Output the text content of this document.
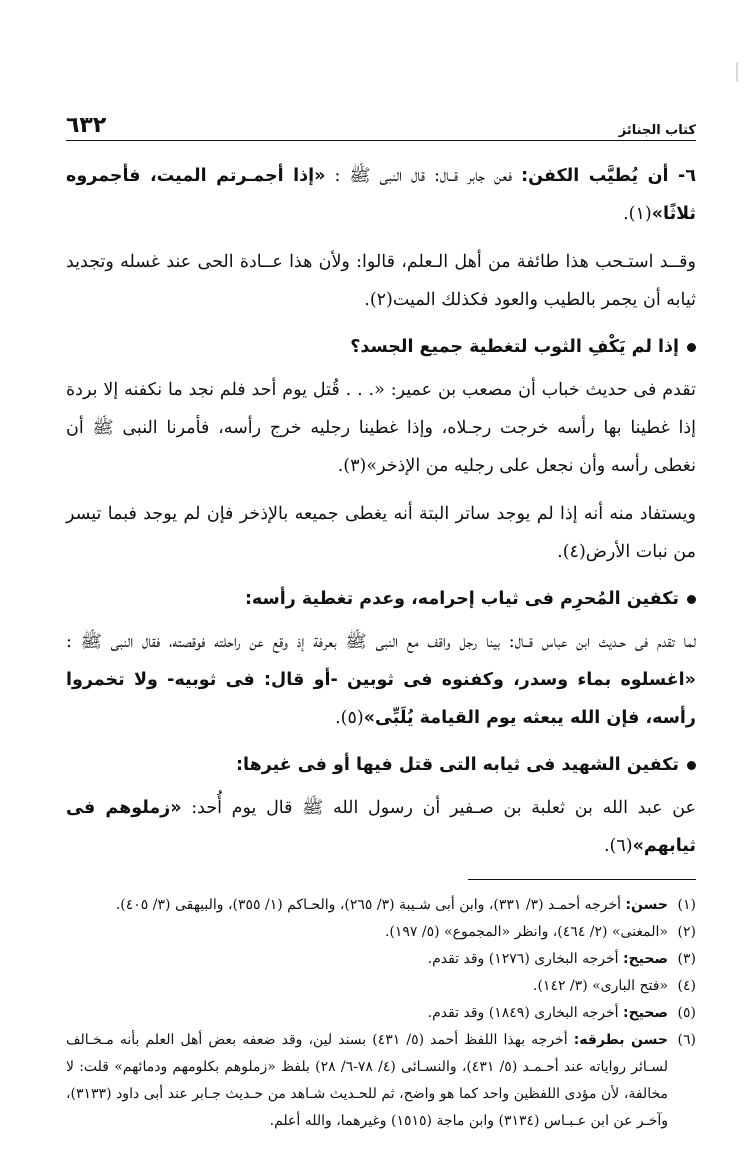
كتاب الجنائز
٦٣٢

٦- أن يُطيَّب الكفن: فعن جابر قــال: قال النبى ﷺ : «إذا أجمـرتم الميت، فأجمروه ثلاثًا»(١).

وقــد استـحب هذا طائفة من أهل الـعلم، قالوا: ولأن هذا عــادة الحى عند غسله وتجديد ثيابه أن يجمر بالطيب والعود فكذلك الميت(٢).

إذا لم يَكْفِ الثوب لتغطية جميع الجسد؟

تقدم فى حديث خباب أن مصعب بن عمير: «. . . قُتل يوم أحد فلم نجد ما نكفنه إلا بردة إذا غطينا بها رأسه خرجت رجـلاه، وإذا غطينا رجليه خرج رأسه، فأمرنا النبى ﷺ أن نغطى رأسه وأن نجعل على رجليه من الإذخر»(٣).

ويستفاد منه أنه إذا لم يوجد ساتر البتة أنه يغطى جميعه بالإذخر فإن لم يوجد فبما تيسر من نبات الأرض(٤).

تكفين المُحرِم فى ثياب إحرامه، وعدم تغطية رأسه:

لما تقدم فى حـديث ابن عباس قــال: بينا رجل واقف مع النبى ﷺ بعرفة إذ وقع عن راحلته فوقصته، فقال النبى ﷺ : «اغسلوه بماء وسدر، وكفنوه فى ثوبين -أو قال: فى ثوبيه- ولا تخمروا رأسه، فإن الله يبعثه يوم القيامة يُلَبِّى»(٥).

تكفين الشهيد فى ثيابه التى قتل فيها أو فى غيرها:

عن عبد الله بن ثعلبة بن صـفير أن رسول الله ﷺ قال يوم أُحد: «زملوهم فى ثيابهم»(٦).

(١)
حسن: أخرجه أحمـد (٣/ ٣٣١)، وابن أبى شـيبة (٣/ ٢٦٥)، والحـاكم (١/ ٣٥٥)، والبيهقى (٣/ ٤٠٥).
(٢)
«المغنى» (٢/ ٤٦٤)، وانظر «المجموع» (٥/ ١٩٧).
(٣)
صحيح: أخرجه البخارى (١٢٧٦) وقد تقدم.
(٤)
«فتح البارى» (٣/ ١٤٢).
(٥)
صحيح: أخرجه البخارى (١٨٤٩) وقد تقدم.
(٦)
حسن بطرقه: أخرجه بهذا اللفظ أحمد (٥/ ٤٣١) بسند لين، وقد ضعفه بعض أهل العلم بأنه مـخـالف لسـائر رواياته عند أحـمـد (٥/ ٤٣١)، والنسـائى (٤/ ٧٨-٦/ ٢٨) بلفظ «زملوهم بكلومهم ودمائهم» قلت: لا مخالفة، لأن مؤدى اللفظين واحد كما هو واضح، ثم للحـديث شـاهد من حـديث جـابر عند أبى داود (٣١٣٣)، وآخـر عن ابن عـبـاس (٣١٣٤) وابن ماجة (١٥١٥) وغيرهما، والله أعلم.
